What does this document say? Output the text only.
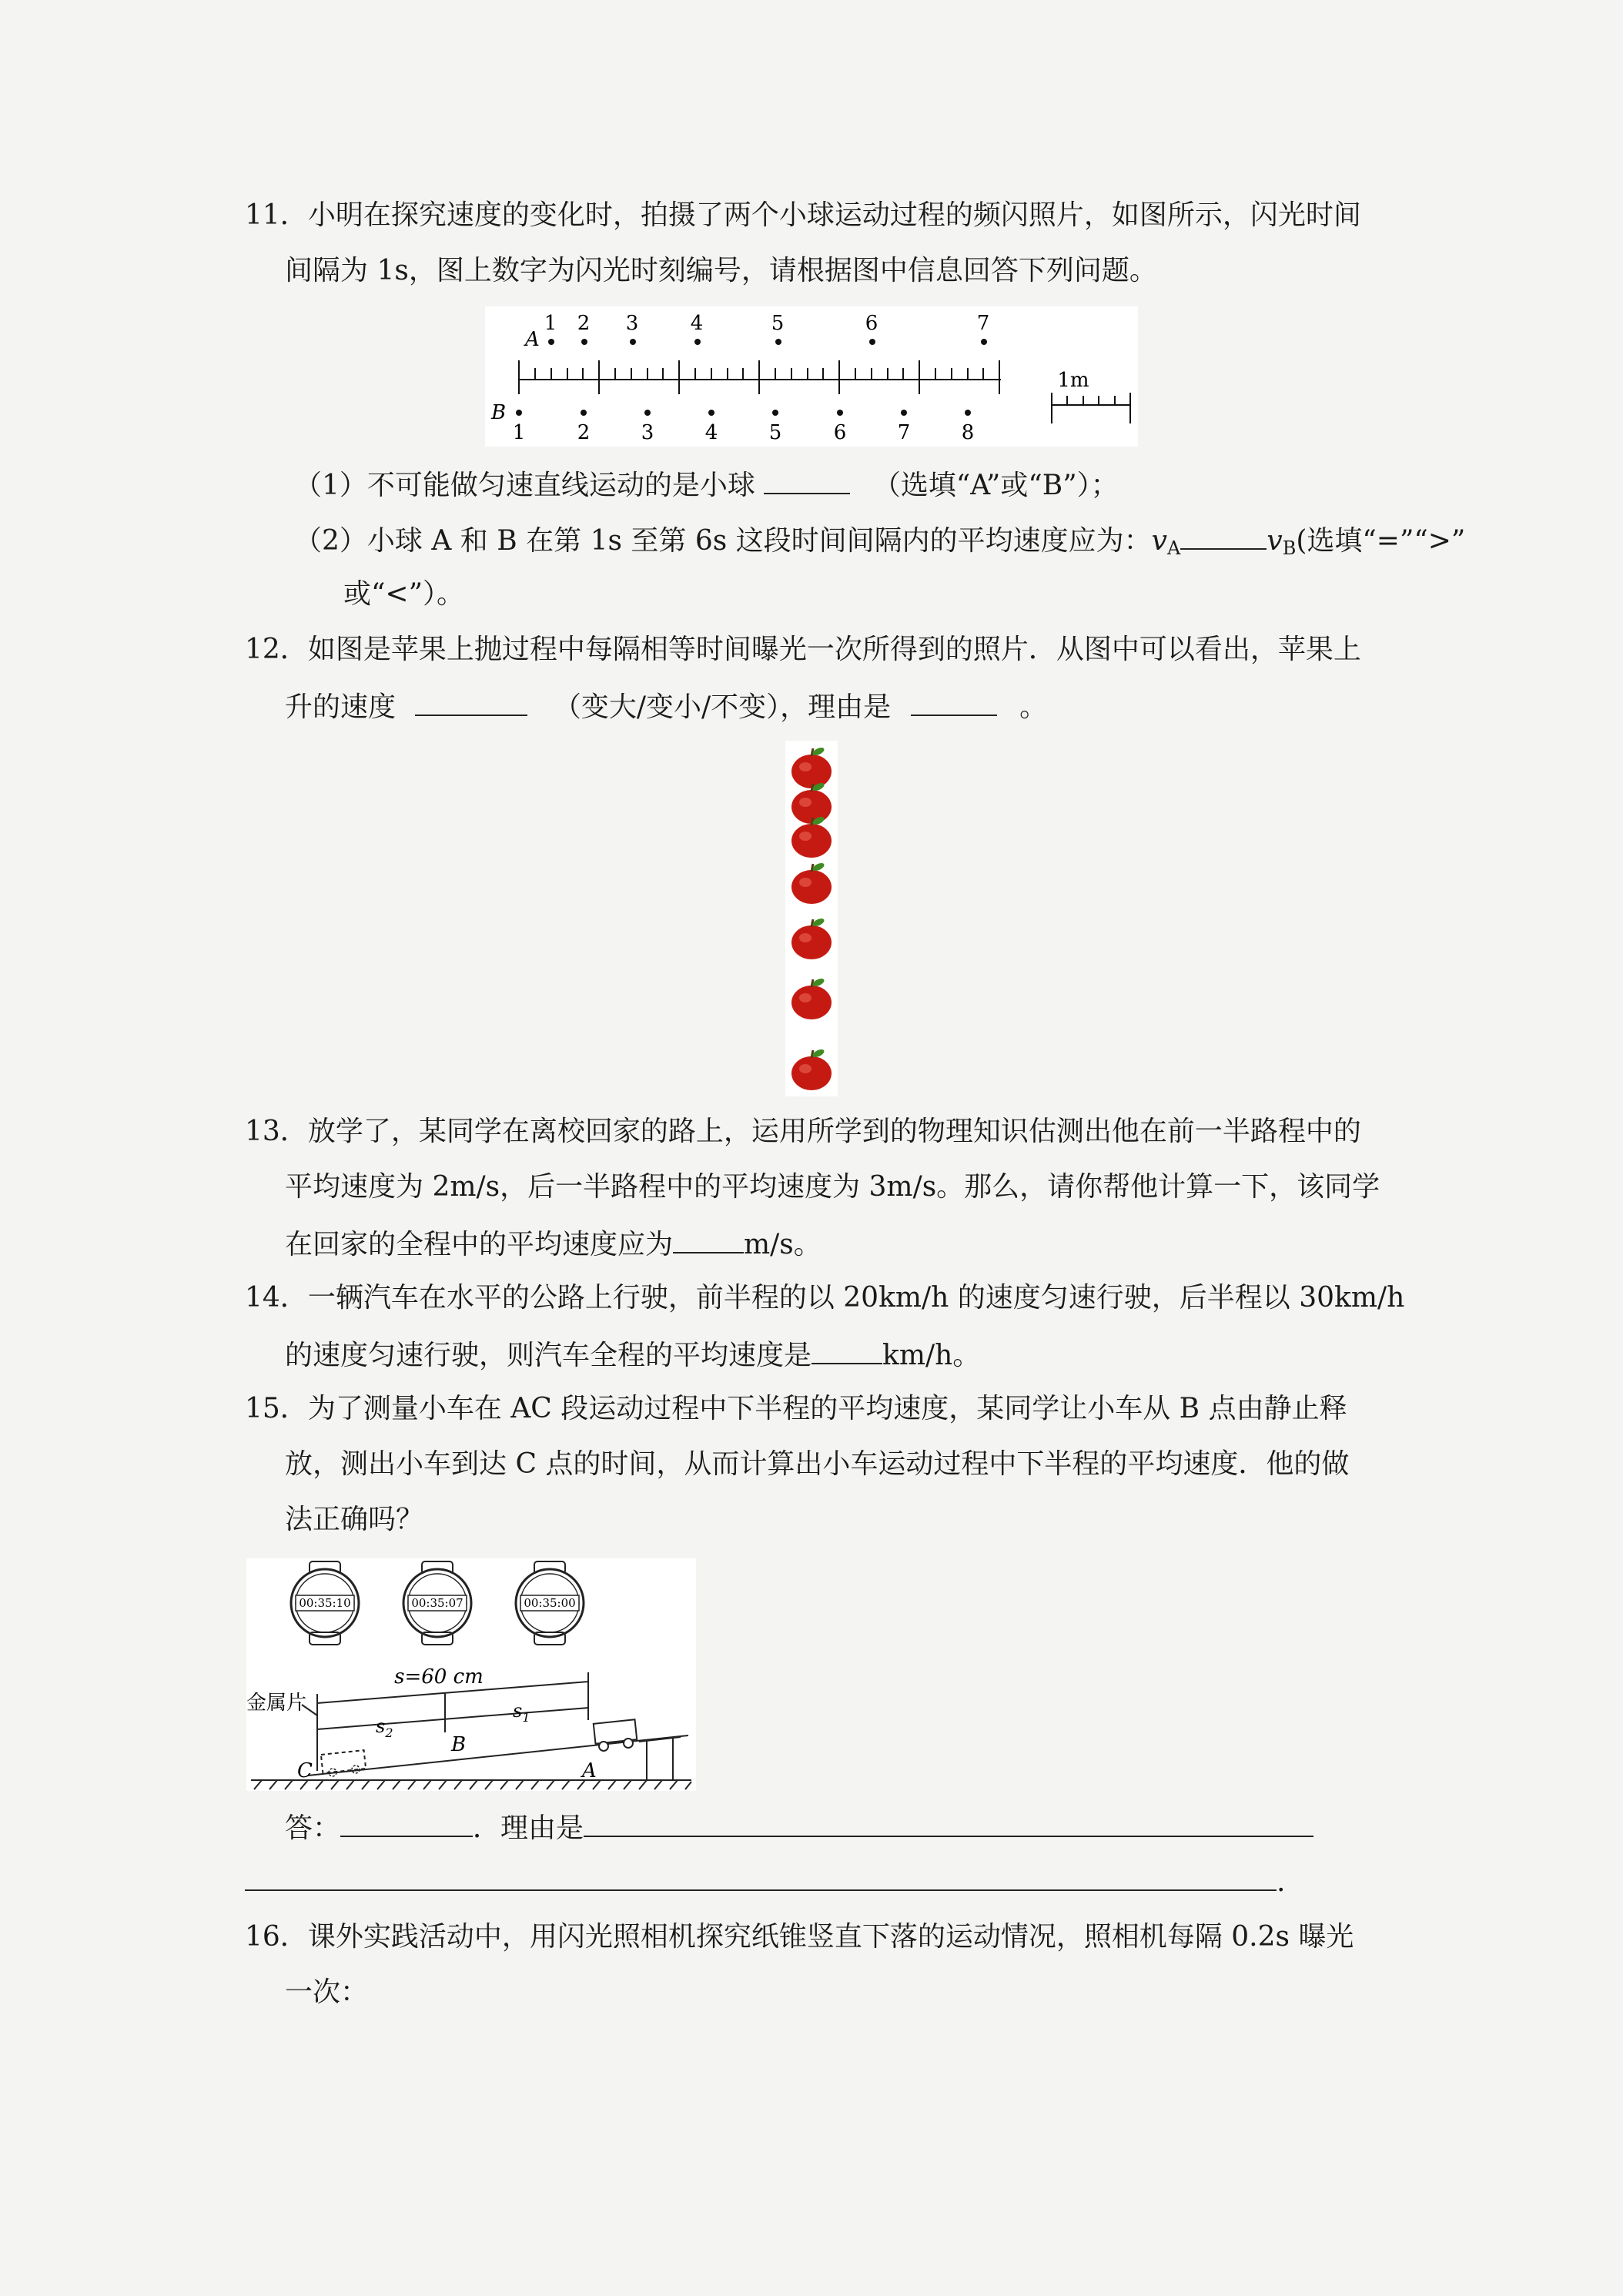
11．小明在探究速度的变化时，拍摄了两个小球运动过程的频闪照片，如图所示，闪光时间
间隔为 1s，图上数字为闪光时刻编号，请根据图中信息回答下列问题。
A
1 2 3	4	5	6	7
B
1	2	3	4	5	6	7	8
1m
（1）不可能做匀速直线运动的是小球	（选填“A”或“B”）；
（2）小球 A 和 B 在第 1s 至第 6s 这段时间间隔内的平均速度应为：$v_A$	$v_B$(选填“=”“>”
或“<”）。
12．如图是苹果上抛过程中每隔相等时间曝光一次所得到的照片．从图中可以看出，苹果上
升的速度	（变大/变小/不变），理由是	。
13．放学了，某同学在离校回家的路上，运用所学到的物理知识估测出他在前一半路程中的
平均速度为 2m/s，后一半路程中的平均速度为 3m/s。那么，请你帮他计算一下，该同学
在回家的全程中的平均速度应为	m/s。
14．一辆汽车在水平的公路上行驶，前半程的以 20km/h 的速度匀速行驶，后半程以 30km/h
的速度匀速行驶，则汽车全程的平均速度是	km/h。
15．为了测量小车在 AC 段运动过程中下半程的平均速度，某同学让小车从 B 点由静止释
放，测出小车到达 C 点的时间，从而计算出小车运动过程中下半程的平均速度．他的做
法正确吗？
00:35:10	00:35:07	00:35:00
s=60 cm
金属片
$s_2$
$s_1$
C
B
A
答：	．理由是
.
16．课外实践活动中，用闪光照相机探究纸锥竖直下落的运动情况，照相机每隔 0.2s 曝光
一次：
